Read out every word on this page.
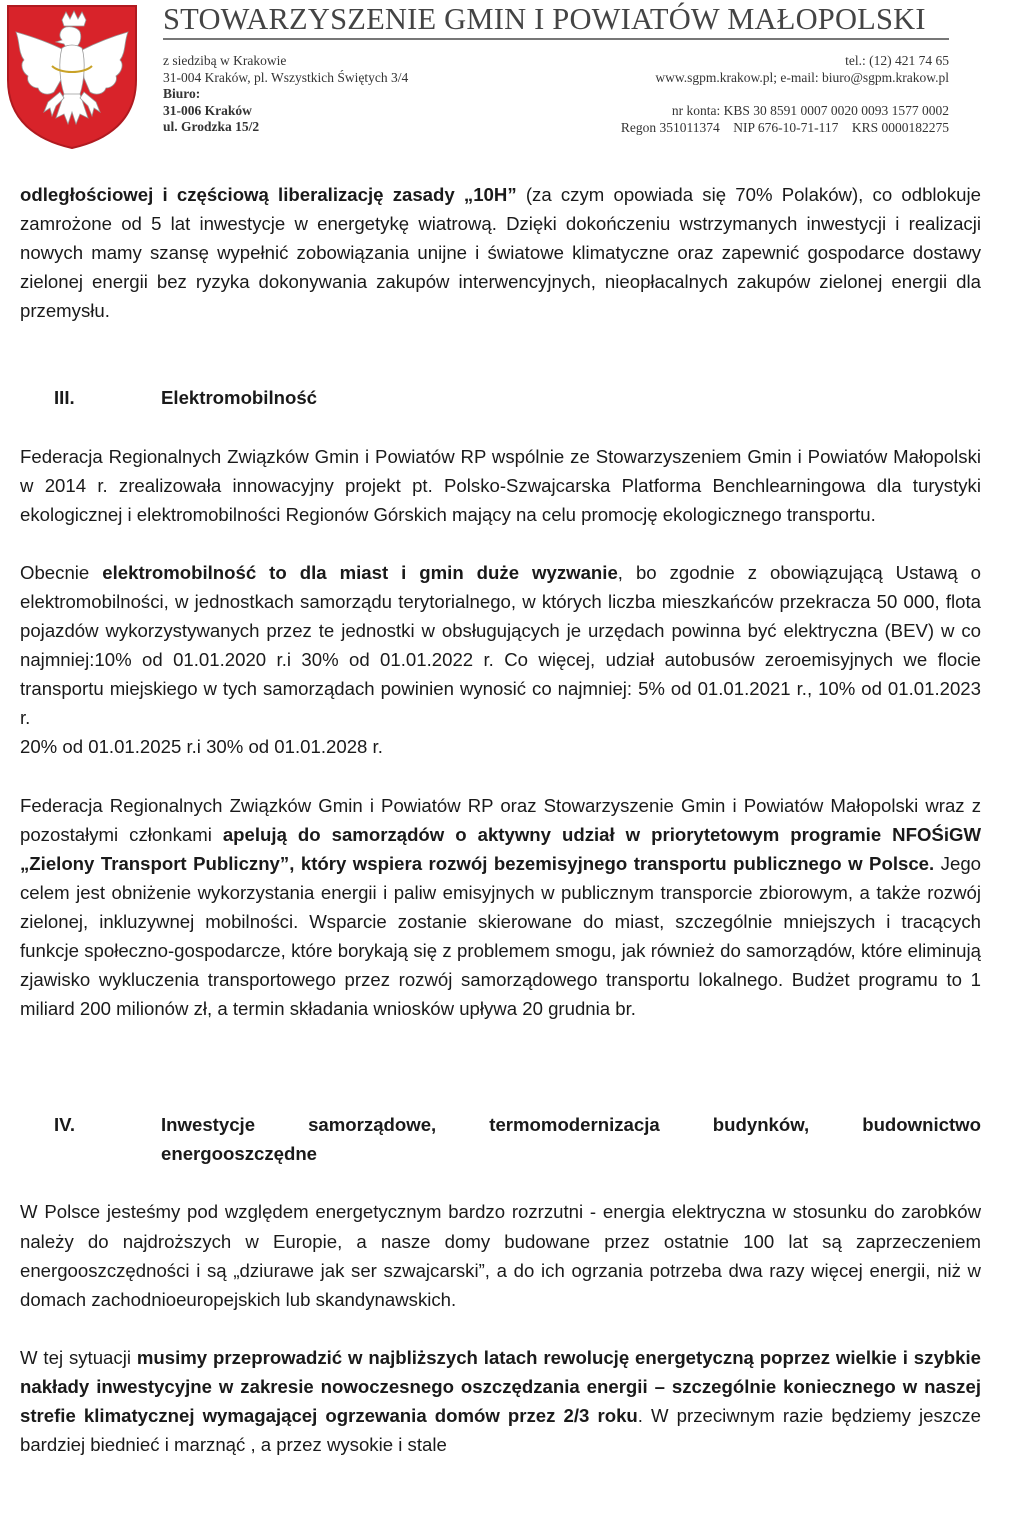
STOWARZYSZENIE GMIN I POWIATÓW MAŁOPOLSKI
z siedzibą w Krakowie
31-004 Kraków, pl. Wszystkich Świętych 3/4
Biuro:
31-006 Kraków
ul. Grodzka 15/2
tel.: (12) 421 74 65
www.sgpm.krakow.pl; e-mail: biuro@sgpm.krakow.pl
nr konta: KBS 30 8591 0007 0020 0093 1577 0002
Regon 351011374    NIP 676-10-71-117    KRS 0000182275

odległościowej i częściową liberalizację zasady „10H” (za czym opowiada się 70% Polaków), co odblokuje zamrożone od 5 lat inwestycje w energetykę wiatrową. Dzięki dokończeniu wstrzymanych inwestycji i realizacji nowych mamy szansę wypełnić zobowiązania unijne i światowe klimatyczne oraz zapewnić gospodarce dostawy zielonej energii bez ryzyka dokonywania zakupów interwencyjnych, nieopłacalnych zakupów zielonej energii dla przemysłu.

III.	Elektromobilność

Federacja Regionalnych Związków Gmin i Powiatów RP wspólnie ze Stowarzyszeniem Gmin i Powiatów Małopolski w 2014 r. zrealizowała innowacyjny projekt pt. Polsko-Szwajcarska Platforma Benchlearningowa dla turystyki ekologicznej i elektromobilności Regionów Górskich mający na celu promocję ekologicznego transportu.

Obecnie elektromobilność to dla miast i gmin duże wyzwanie, bo zgodnie z obowiązującą Ustawą o elektromobilności, w jednostkach samorządu terytorialnego, w których liczba mieszkańców przekracza 50 000, flota pojazdów wykorzystywanych przez te jednostki w obsługujących je urzędach powinna być elektryczna (BEV) w co najmniej:10% od 01.01.2020 r.i 30% od 01.01.2022 r. Co więcej, udział autobusów zeroemisyjnych we flocie transportu miejskiego w tych samorządach powinien wynosić co najmniej: 5% od 01.01.2021 r., 10% od 01.01.2023 r.
20% od 01.01.2025 r.i 30% od 01.01.2028 r.

Federacja Regionalnych Związków Gmin i Powiatów RP oraz Stowarzyszenie Gmin i Powiatów Małopolski wraz z pozostałymi członkami apelują do samorządów o aktywny udział w priorytetowym programie NFOŚiGW „Zielony Transport Publiczny”, który wspiera rozwój bezemisyjnego transportu publicznego w Polsce. Jego celem jest obniżenie wykorzystania energii i paliw emisyjnych w publicznym transporcie zbiorowym, a także rozwój zielonej, inkluzywnej mobilności. Wsparcie zostanie skierowane do miast, szczególnie mniejszych i tracących funkcje społeczno-gospodarcze, które borykają się z problemem smogu, jak również do samorządów, które eliminują zjawisko wykluczenia transportowego przez rozwój samorządowego transportu lokalnego. Budżet programu to 1 miliard 200 milionów zł, a termin składania wniosków upływa 20 grudnia br.

IV.	Inwestycje samorządowe, termomodernizacja budynków, budownictwo
energooszczędne

W Polsce jesteśmy pod względem energetycznym bardzo rozrzutni - energia elektryczna w stosunku do zarobków należy do najdroższych w Europie, a nasze domy budowane przez ostatnie 100 lat są zaprzeczeniem energooszczędności i są „dziurawe jak ser szwajcarski”, a do ich ogrzania potrzeba dwa razy więcej energii, niż w domach zachodnioeuropejskich lub skandynawskich.

W tej sytuacji musimy przeprowadzić w najbliższych latach rewolucję energetyczną poprzez wielkie i szybkie nakłady inwestycyjne w zakresie nowoczesnego oszczędzania energii – szczególnie koniecznego w naszej strefie klimatycznej wymagającej ogrzewania domów przez 2/3 roku. W przeciwnym razie będziemy jeszcze bardziej biednieć i marznąć , a przez wysokie i stale
